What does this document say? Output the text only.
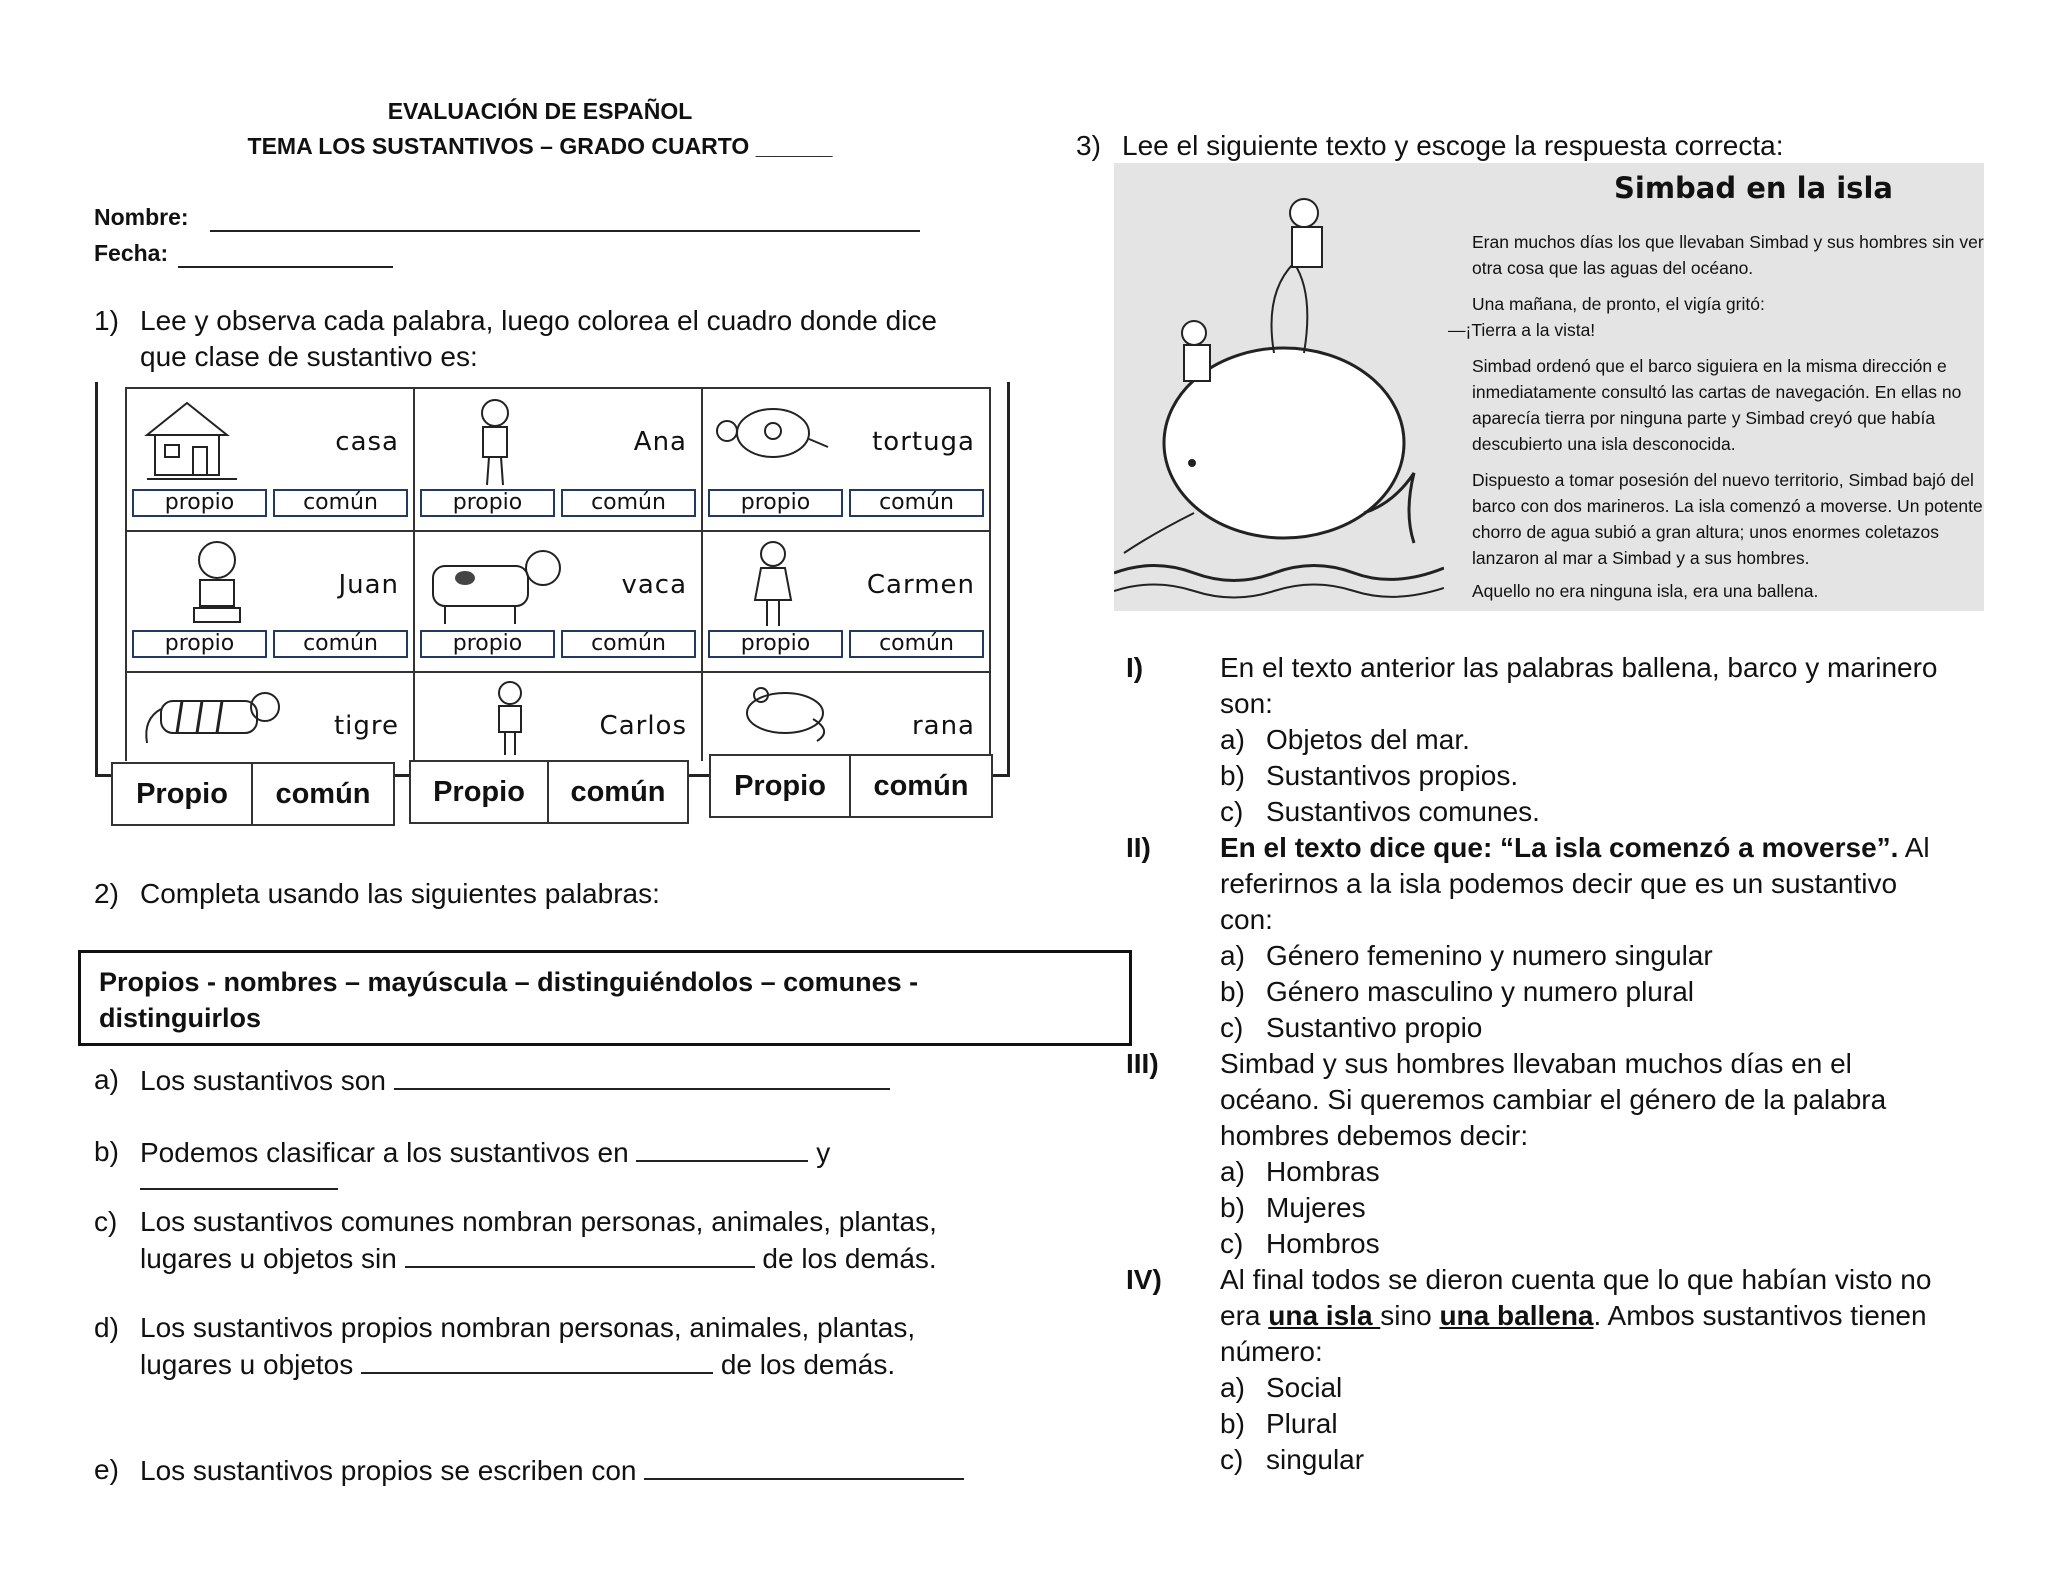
EVALUACIÓN DE ESPAÑOL
TEMA LOS SUSTANTIVOS – GRADO CUARTO ______
Nombre:
Fecha:
1) Lee y observa cada palabra, luego colorea el cuadro donde dice
que clase de sustantivo es:
casa
propio	común
Ana
propio	común
tortuga
propio	común
Juan
propio	común
vaca
propio	común
Carmen
propio	común
tigre	Carlos	rana
Propio	común	Propio	común	Propio	común
2) Completa usando las siguientes palabras:
Propios - nombres – mayúscula – distinguiéndolos – comunes -
distinguirlos
a) Los sustantivos son
b) Podemos clasificar a los sustantivos en	y
c) Los sustantivos comunes nombran personas, animales, plantas,
lugares u objetos sin	de los demás.
d) Los sustantivos propios nombran personas, animales, plantas,
lugares u objetos	de los demás.
e) Los sustantivos propios se escriben con
3) Lee el siguiente texto y escoge la respuesta correcta:
Simbad en la isla
Eran muchos días los que llevaban Simbad y sus hombres sin ver otra cosa que las aguas del océano.
Una mañana, de pronto, el vigía gritó:
—¡Tierra a la vista!
Simbad ordenó que el barco siguiera en la misma dirección e inmediatamente consultó las cartas de navegación. En ellas no aparecía tierra por ninguna parte y Simbad creyó que había descubierto una isla desconocida.
Dispuesto a tomar posesión del nuevo territorio, Simbad bajó del barco con dos marineros. La isla comenzó a moverse. Un potente chorro de agua subió a gran altura; unos enormes coletazos lanzaron al mar a Simbad y a sus hombres.
Aquello no era ninguna isla, era una ballena.
I)	En el texto anterior las palabras ballena, barco y marinero
son:
a) Objetos del mar.
b) Sustantivos propios.
c) Sustantivos comunes.
II) En el texto dice que: “La isla comenzó a moverse”. Al
referirnos a la isla podemos decir que es un sustantivo
con:
a) Género femenino y numero singular
b) Género masculino y numero plural
c) Sustantivo propio
III) Simbad y sus hombres llevaban muchos días en el
océano. Si queremos cambiar el género de la palabra
hombres debemos decir:
a) Hombras
b) Mujeres
c) Hombros
IV) Al final todos se dieron cuenta que lo que habían visto no
era una isla sino una ballena. Ambos sustantivos tienen
número:
a) Social
b) Plural
c) singular
